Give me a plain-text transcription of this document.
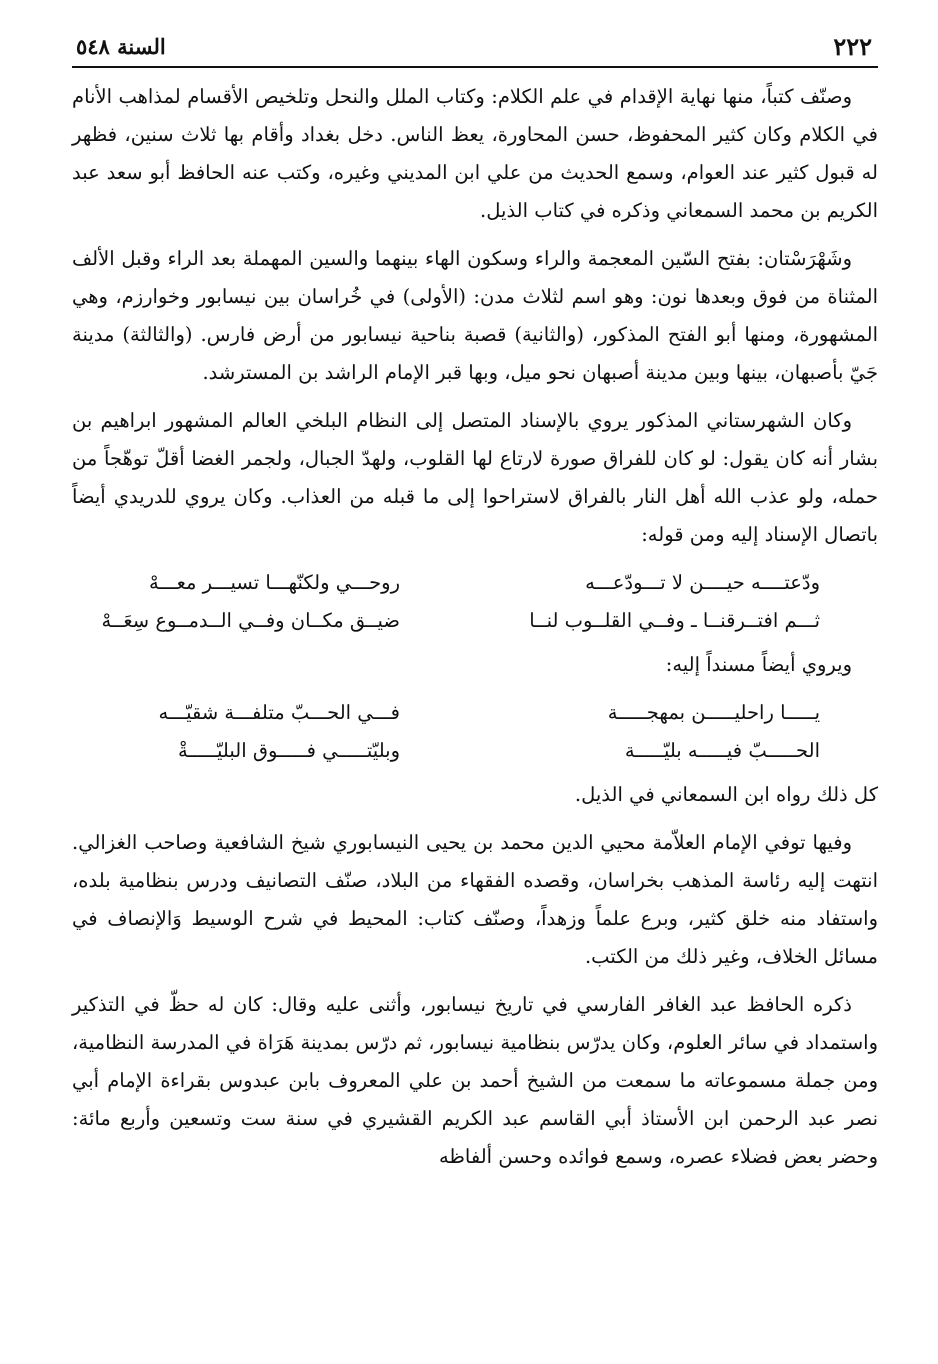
٢٢٢
السنة ٥٤٨

وصنّف كتباً، منها نهاية الإقدام في علم الكلام: وكتاب الملل والنحل وتلخيص الأقسام لمذاهب الأنام في الكلام وكان كثير المحفوظ، حسن المحاورة، يعظ الناس. دخل بغداد وأقام بها ثلاث سنين، فظهر له قبول كثير عند العوام، وسمع الحديث من علي ابن المديني وغيره، وكتب عنه الحافظ أبو سعد عبد الكريم بن محمد السمعاني وذكره في كتاب الذيل.

وشَهْرَسْتان: بفتح السّين المعجمة والراء وسكون الهاء بينهما والسين المهملة بعد الراء وقبل الألف المثناة من فوق وبعدها نون: وهو اسم لثلاث مدن: (الأولى) في خُراسان بين نيسابور وخوارزم، وهي المشهورة، ومنها أبو الفتح المذكور، (والثانية) قصبة بناحية نيسابور من أرض فارس. (والثالثة) مدينة جَيّ بأصبهان، بينها وبين مدينة أصبهان نحو ميل، وبها قبر الإمام الراشد بن المسترشد.

وكان الشهرستاني المذكور يروي بالإسناد المتصل إلى النظام البلخي العالم المشهور ابراهيم بن بشار أنه كان يقول: لو كان للفراق صورة لارتاع لها القلوب، ولهدّ الجبال، ولجمر الغضا أقلّ توهّجاً من حمله، ولو عذب الله أهل النار بالفراق لاستراحوا إلى ما قبله من العذاب. وكان يروي للدريدي أيضاً باتصال الإسناد إليه ومن قوله:

ودّعتــــه حيــــن لا تـــودّعـــه	روحـــي ولكنّهـــا تسيـــر معـــهْ
ثـــم افتــرقنــا ـ وفــي القلــوب لنــا	ضيــق مكــان وفــي الــدمــوع سِعَــهْ

ويروي أيضاً مسنداً إليه:

يـــــا راحليـــــن بمهجـــــة	فـــي الحـــبّ متلفـــة شقيّـــه
الحـــــبّ فيـــــه بليّـــــة	وبليّتـــــي فـــــوق البليّـــــةْ

كل ذلك رواه ابن السمعاني في الذيل.

وفيها توفي الإمام العلاّمة محيي الدين محمد بن يحيى النيسابوري شيخ الشافعية وصاحب الغزالي. انتهت إليه رئاسة المذهب بخراسان، وقصده الفقهاء من البلاد، صنّف التصانيف ودرس بنظامية بلده، واستفاد منه خلق كثير، وبرع علماً وزهداً، وصنّف كتاب: المحيط في شرح الوسيط وَالإنصاف في مسائل الخلاف، وغير ذلك من الكتب.

ذكره الحافظ عبد الغافر الفارسي في تاريخ نيسابور، وأثنى عليه وقال: كان له حظّ في التذكير واستمداد في سائر العلوم، وكان يدرّس بنظامية نيسابور، ثم درّس بمدينة هَرَاة في المدرسة النظامية، ومن جملة مسموعاته ما سمعت من الشيخ أحمد بن علي المعروف بابن عبدوس بقراءة الإمام أبي نصر عبد الرحمن ابن الأستاذ أبي القاسم عبد الكريم القشيري في سنة ست وتسعين وأربع مائة: وحضر بعض فضلاء عصره، وسمع فوائده وحسن ألفاظه
